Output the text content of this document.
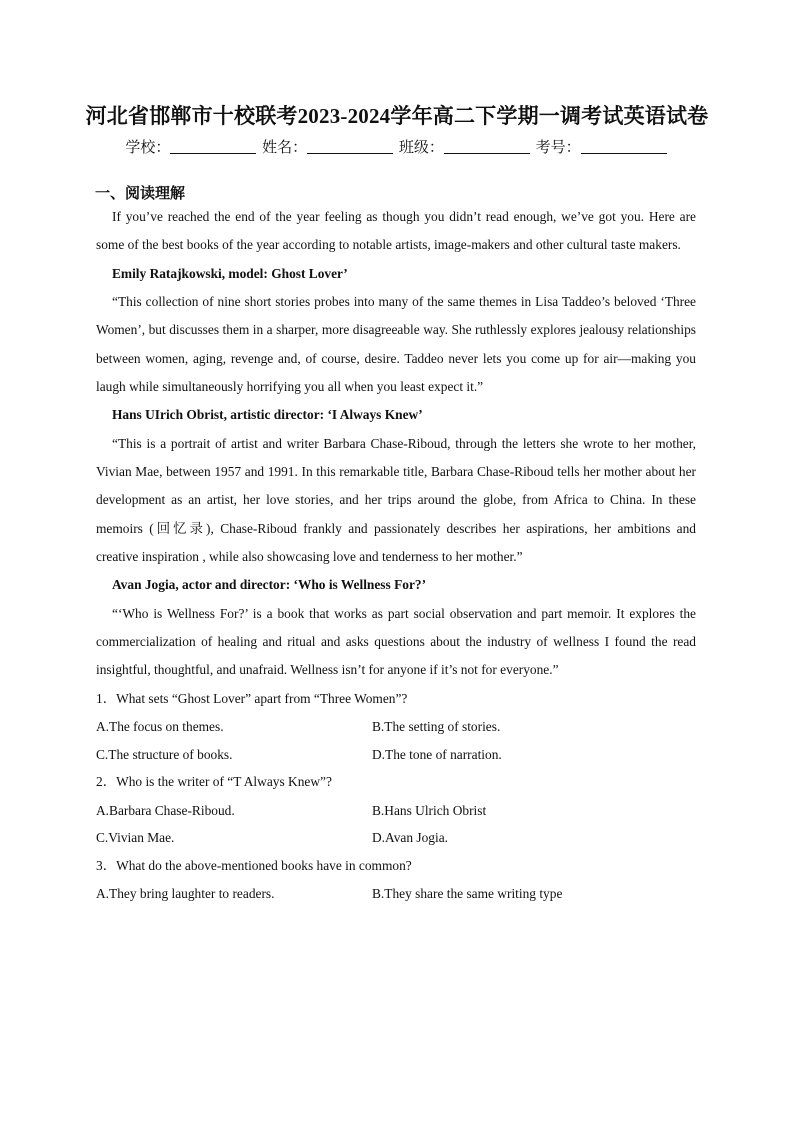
河北省邯郸市十校联考2023-2024学年高二下学期一调考试英语试卷
学校：	姓名：	班级：	考号：
一、阅读理解

If you’ve reached the end of the year feeling as though you didn’t read enough, we’ve got you. Here are some of the best books of the year according to notable artists, image-makers and other cultural taste makers.

Emily Ratajkowski, model: Ghost Lover’

“This collection of nine short stories probes into many of the same themes in Lisa Taddeo’s beloved ‘Three Women’, but discusses them in a sharper, more disagreeable way. She ruthlessly explores jealousy relationships between women, aging, revenge and, of course, desire. Taddeo never lets you come up for air—making you laugh while simultaneously horrifying you all when you least expect it.”

Hans UIrich Obrist, artistic director: ‘I Always Knew’

“This is a portrait of artist and writer Barbara Chase-Riboud, through the letters she wrote to her mother, Vivian Mae, between 1957 and 1991. In this remarkable title, Barbara Chase-Riboud tells her mother about her development as an artist, her love stories, and her trips around the globe, from Africa to China. In these memoirs (回忆录), Chase-Riboud frankly and passionately describes her aspirations, her ambitions and creative inspiration , while also showcasing love and tenderness to her mother.”

Avan Jogia, actor and director: ‘Who is Wellness For?’

“‘Who is Wellness For?’ is a book that works as part social observation and part memoir. It explores the commercialization of healing and ritual and asks questions about the industry of wellness I found the read insightful, thoughtful, and unafraid. Wellness isn’t for anyone if it’s not for everyone.”

1．What sets “Ghost Lover” apart from “Three Women”?

A.The focus on themes.	B.The setting of stories.
C.The structure of books.	D.The tone of narration.

2．Who is the writer of “T Always Knew”?

A.Barbara Chase-Riboud.	B.Hans Ulrich Obrist
C.Vivian Mae.	D.Avan Jogia.

3．What do the above-mentioned books have in common?

A.They bring laughter to readers.	B.They share the same writing type
